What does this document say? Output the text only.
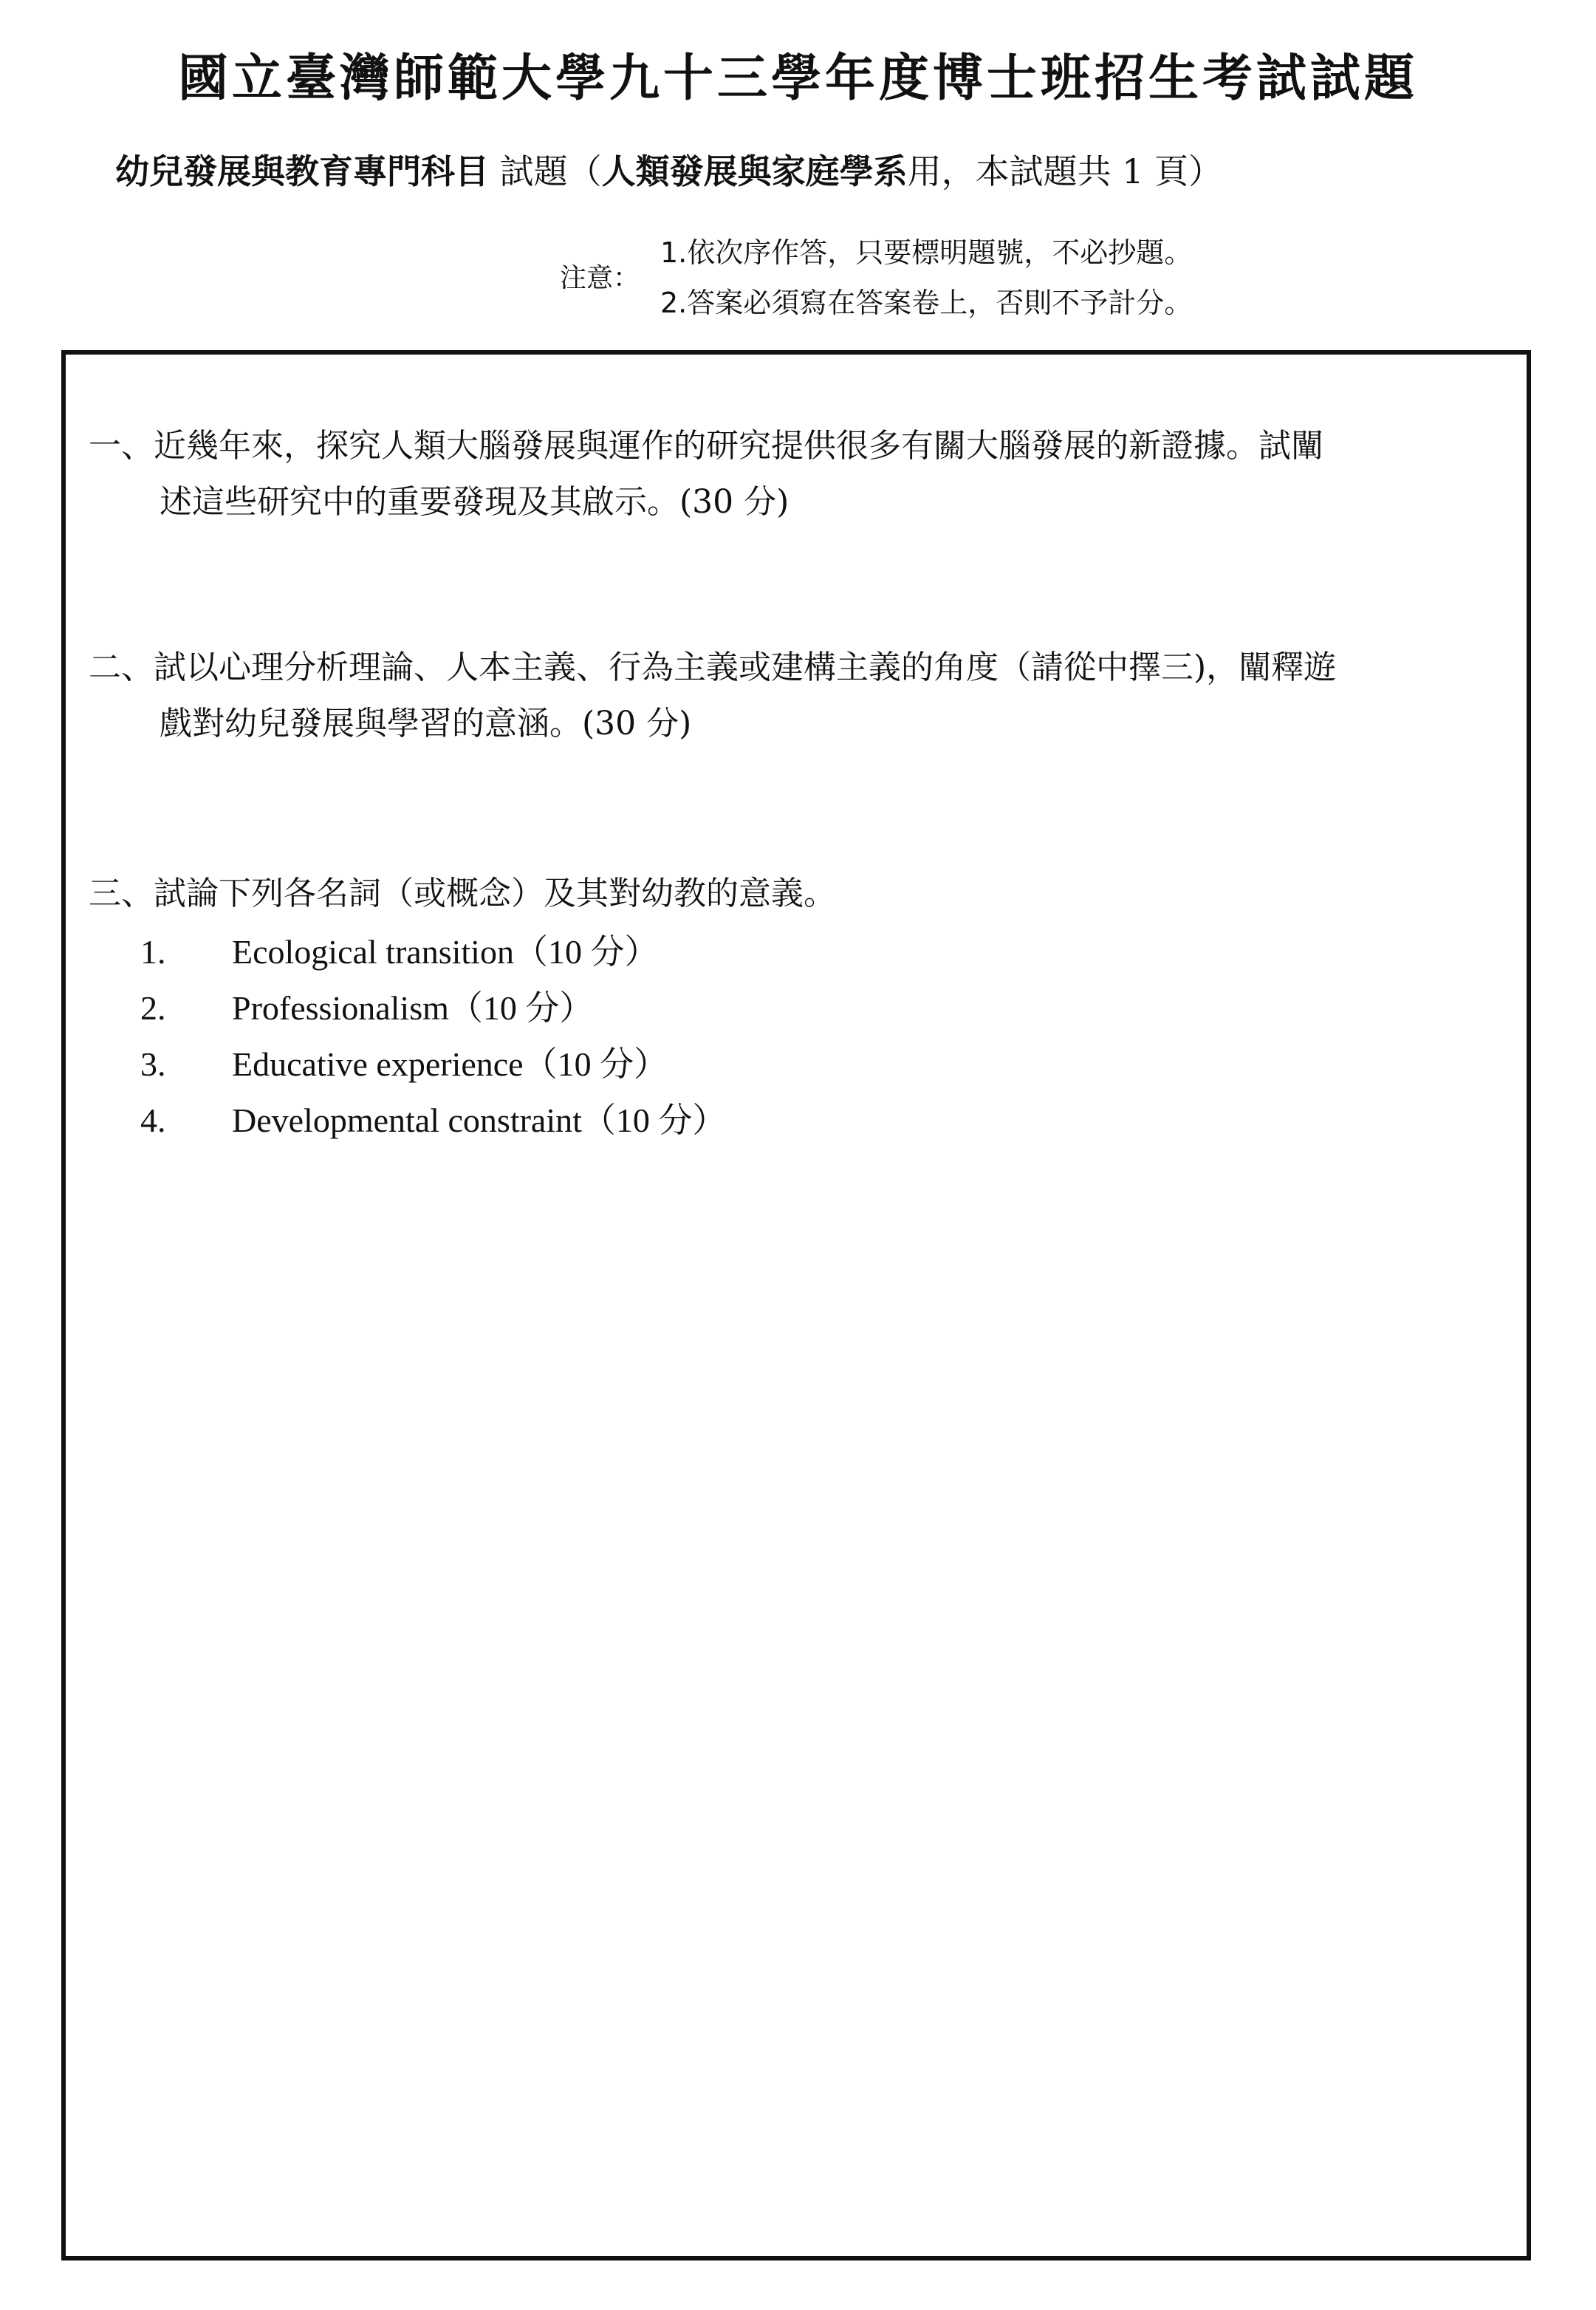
國立臺灣師範大學九十三學年度博士班招生考試試題
幼兒發展與教育專門科目 試題（人類發展與家庭學系用，本試題共 1 頁）
注意：
1.依次序作答，只要標明題號，不必抄題。
2.答案必須寫在答案卷上，否則不予計分。
一、近幾年來，探究人類大腦發展與運作的研究提供很多有關大腦發展的新證據。試闡
述這些研究中的重要發現及其啟示。(30 分)
二、試以心理分析理論、人本主義、行為主義或建構主義的角度（請從中擇三)，闡釋遊
戲對幼兒發展與學習的意涵。(30 分)
三、試論下列各名詞（或概念）及其對幼教的意義。
1. Ecological transition（10 分）
2. Professionalism（10 分）
3. Educative experience（10 分）
4. Developmental constraint（10 分）
